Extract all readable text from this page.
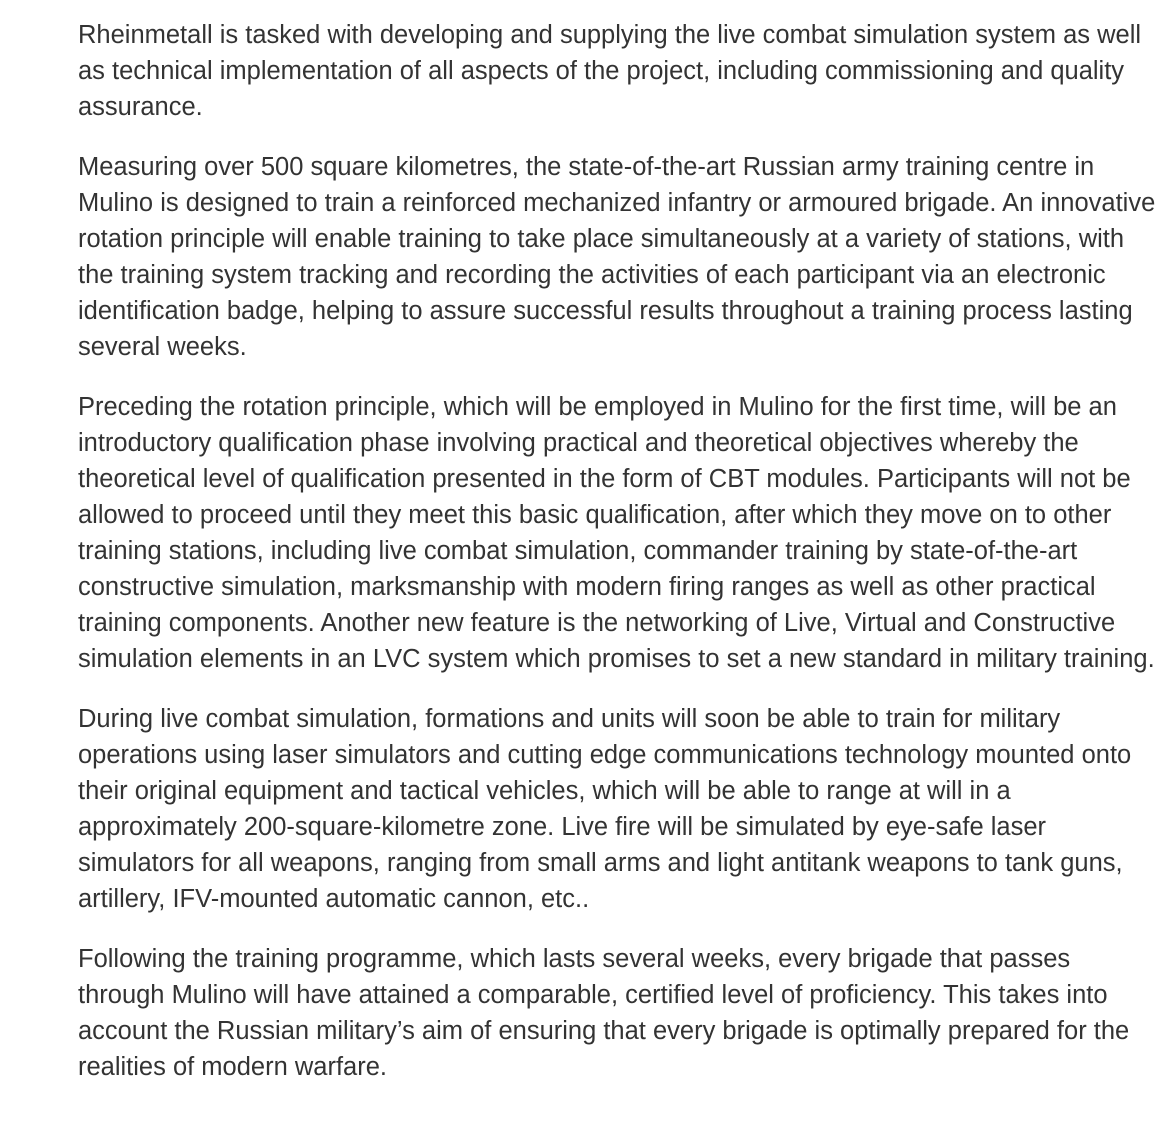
Rheinmetall is tasked with developing and supplying the live combat simulation system as well as technical implementation of all aspects of the project, including commissioning and quality assurance.

Measuring over 500 square kilometres, the state-of-the-art Russian army training centre in Mulino is designed to train a reinforced mechanized infantry or armoured brigade. An innovative rotation principle will enable training to take place simultaneously at a variety of stations, with the training system tracking and recording the activities of each participant via an electronic identification badge, helping to assure successful results throughout a training process lasting several weeks.

Preceding the rotation principle, which will be employed in Mulino for the first time, will be an introductory qualification phase involving practical and theoretical objectives whereby the theoretical level of qualification presented in the form of CBT modules. Participants will not be allowed to proceed until they meet this basic qualification, after which they move on to other training stations, including live combat simulation, commander training by state-of-the-art constructive simulation, marksmanship with modern firing ranges as well as other practical training components. Another new feature is the networking of Live, Virtual and Constructive simulation elements in an LVC system which promises to set a new standard in military training.

During live combat simulation, formations and units will soon be able to train for military operations using laser simulators and cutting edge communications technology mounted onto their original equipment and tactical vehicles, which will be able to range at will in a approximately 200-square-kilometre zone. Live fire will be simulated by eye-safe laser simulators for all weapons, ranging from small arms and light antitank weapons to tank guns, artillery, IFV-mounted automatic cannon, etc..

Following the training programme, which lasts several weeks, every brigade that passes through Mulino will have attained a comparable, certified level of proficiency. This takes into account the Russian military’s aim of ensuring that every brigade is optimally prepared for the realities of modern warfare.
